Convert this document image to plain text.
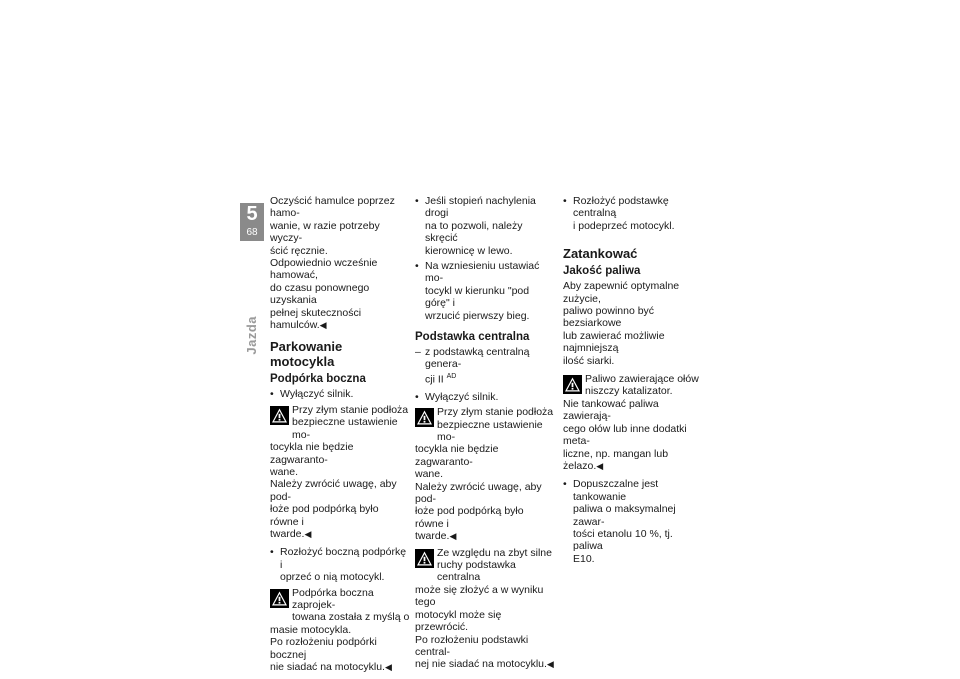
5
68
Jazda

Oczyścić hamulce poprzez hamo-
wanie, w razie potrzeby wyczy-
ścić ręcznie.
Odpowiednio wcześnie hamować,
do czasu ponownego uzyskania
pełnej skuteczności hamulców.◀

Parkowanie motocykla
Podpórka boczna

• Wyłączyć silnik.

Przy złym stanie podłoża
bezpieczne ustawienie mo-
tocykla nie będzie zagwaranto-
wane.
Należy zwrócić uwagę, aby pod-
łoże pod podpórką było równe i
twarde.◀

• Rozłożyć boczną podpórkę i
oprzeć o nią motocykl.

Podpórka boczna zaprojek-
towana została z myślą o
masie motocykla.
Po rozłożeniu podpórki bocznej
nie siadać na motocyklu.◀

• Jeśli stopień nachylenia drogi
na to pozwoli, należy skręcić
kierownicę w lewo.

• Na wzniesieniu ustawiać mo-
tocykl w kierunku "pod górę" i
wrzucić pierwszy bieg.

Podstawka centralna

– z podstawką centralną genera-
cji II $^{AD}$

• Wyłączyć silnik.

Przy złym stanie podłoża
bezpieczne ustawienie mo-
tocykla nie będzie zagwaranto-
wane.
Należy zwrócić uwagę, aby pod-
łoże pod podpórką było równe i
twarde.◀
Ze względu na zbyt silne
ruchy podstawka centralna
może się złożyć a w wyniku tego
motocykl może się przewrócić.
Po rozłożeniu podstawki central-
nej nie siadać na motocyklu.◀

• Rozłożyć podstawkę centralną
i podeprzeć motocykl.

Zatankować
Jakość paliwa

Aby zapewnić optymalne zużycie,
paliwo powinno być bezsiarkowe
lub zawierać możliwie najmniejszą
ilość siarki.

Paliwo zawierające ołów
niszczy katalizator.
Nie tankować paliwa zawierają-
cego ołów lub inne dodatki meta-
liczne, np. mangan lub żelazo.◀

• Dopuszczalne jest tankowanie
paliwa o maksymalnej zawar-
tości etanolu 10 %, tj. paliwa
E10.
